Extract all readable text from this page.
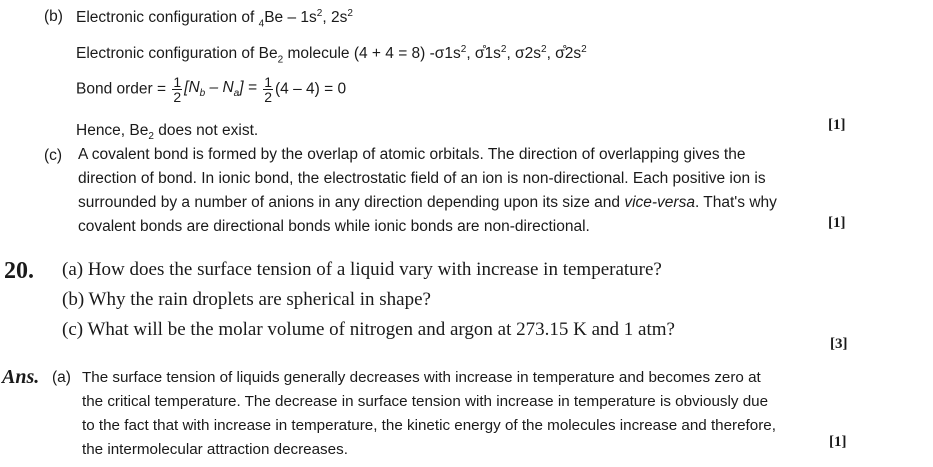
(b) Electronic configuration of $_4Be - 1s^2$, $2s^2$
Electronic configuration of $Be_2$ molecule (4 + 4 = 8) $-\sigma 1s^2$, $\sigmå1s^2$, $\sigma 2s^2$, $\sigmå2s^2$
Bond order = $\frac{1}{2} [N_b - N_a] = \frac{1}{2} (4 - 4) = 0$
Hence, $Be_2$ does not exist.	[1]
(c) A covalent bond is formed by the overlap of atomic orbitals. The direction of overlapping gives the
direction of bond. In ionic bond, the electrostatic field of an ion is non-directional. Each positive ion is
surrounded by a number of anions in any direction depending upon its size and vice-versa. That's why
covalent bonds are directional bonds while ionic bonds are non-directional.	[1]
20. (a) How does the surface tension of a liquid vary with increase in temperature?
(b) Why the rain droplets are spherical in shape?
(c) What will be the molar volume of nitrogen and argon at 273.15 K and 1 atm?
[3]
Ans. (a) The surface tension of liquids generally decreases with increase in temperature and becomes zero at
the critical temperature. The decrease in surface tension with increase in temperature is obviously due
to the fact that with increase in temperature, the kinetic energy of the molecules increase and therefore,
the intermolecular attraction decreases.	[1]
